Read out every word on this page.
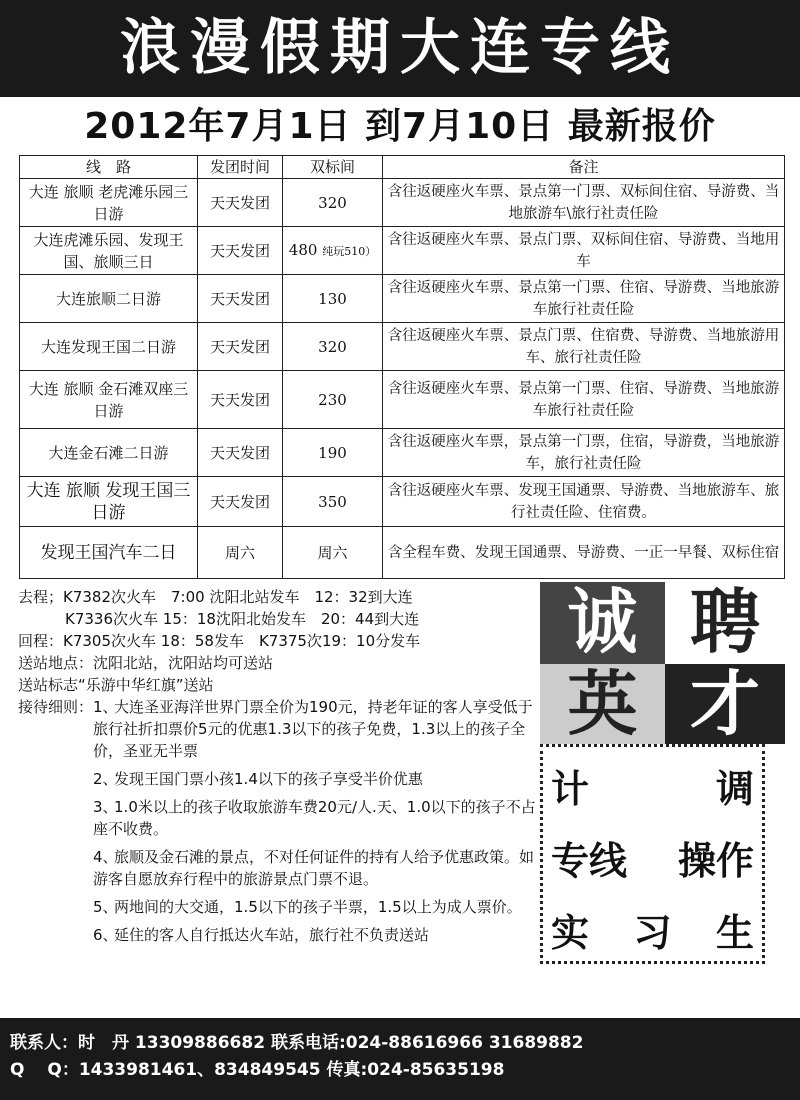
浪漫假期大连专线
2012年7月1日 到7月10日 最新报价
线　路	发团时间	双标间	备注
大连 旅顺 老虎滩乐园三日游	天天发团	320	含往返硬座火车票、景点第一门票、双标间住宿、导游费、当地旅游车\旅行社责任险
大连虎滩乐园、发现王国、旅顺三日	天天发团	480 纯玩510）	含往返硬座火车票、景点门票、双标间住宿、导游费、当地用车
大连旅顺二日游	天天发团	130	含往返硬座火车票、景点第一门票、住宿、导游费、当地旅游车旅行社责任险
大连发现王国二日游	天天发团	320	含往返硬座火车票、景点门票、住宿费、导游费、当地旅游用车、旅行社责任险
大连 旅顺 金石滩双座三日游	天天发团	230	含往返硬座火车票、景点第一门票、住宿、导游费、当地旅游车旅行社责任险
大连金石滩二日游	天天发团	190	含往返硬座火车票，景点第一门票，住宿，导游费，当地旅游车，旅行社责任险
大连 旅顺 发现王国三日游	天天发团	350	含往返硬座火车票、发现王国通票、导游费、当地旅游车、旅行社责任险、住宿费。
发现王国汽车二日	周六	周六	含全程车费、发现王国通票、导游费、一正一早餐、双标住宿
去程；K7382次火车　7:00 沈阳北站发车　12：32到大连
K7336次火车 15：18沈阳北始发车　20：44到大连
回程：K7305次火车 18：58发车　K7375次19：10分发车
送站地点：沈阳北站，沈阳站均可送站
送站标志“乐游中华红旗”送站
接待细则： 1、大连圣亚海洋世界门票全价为190元，持老年证的客人享受低于旅行社折扣票价5元的优惠1.3以下的孩子免费，1.3以上的孩子全价，圣亚无半票
2、发现王国门票小孩1.4以下的孩子享受半价优惠
3、1.0米以上的孩子收取旅游车费20元/人.天、1.0以下的孩子不占座不收费。
4、旅顺及金石滩的景点，不对任何证件的持有人给予优惠政策。如游客自愿放弃行程中的旅游景点门票不退。
5、两地间的大交通，1.5以下的孩子半票，1.5以上为成人票价。
6、延住的客人自行抵达火车站，旅行社不负责送站
诚 聘
英 才
计	调
专线 操作
实 习 生
联系人：时　丹 13309886682 联系电话:024-88616966 31689882
Q　 Q：1433981461、834849545 传真:024-85635198
